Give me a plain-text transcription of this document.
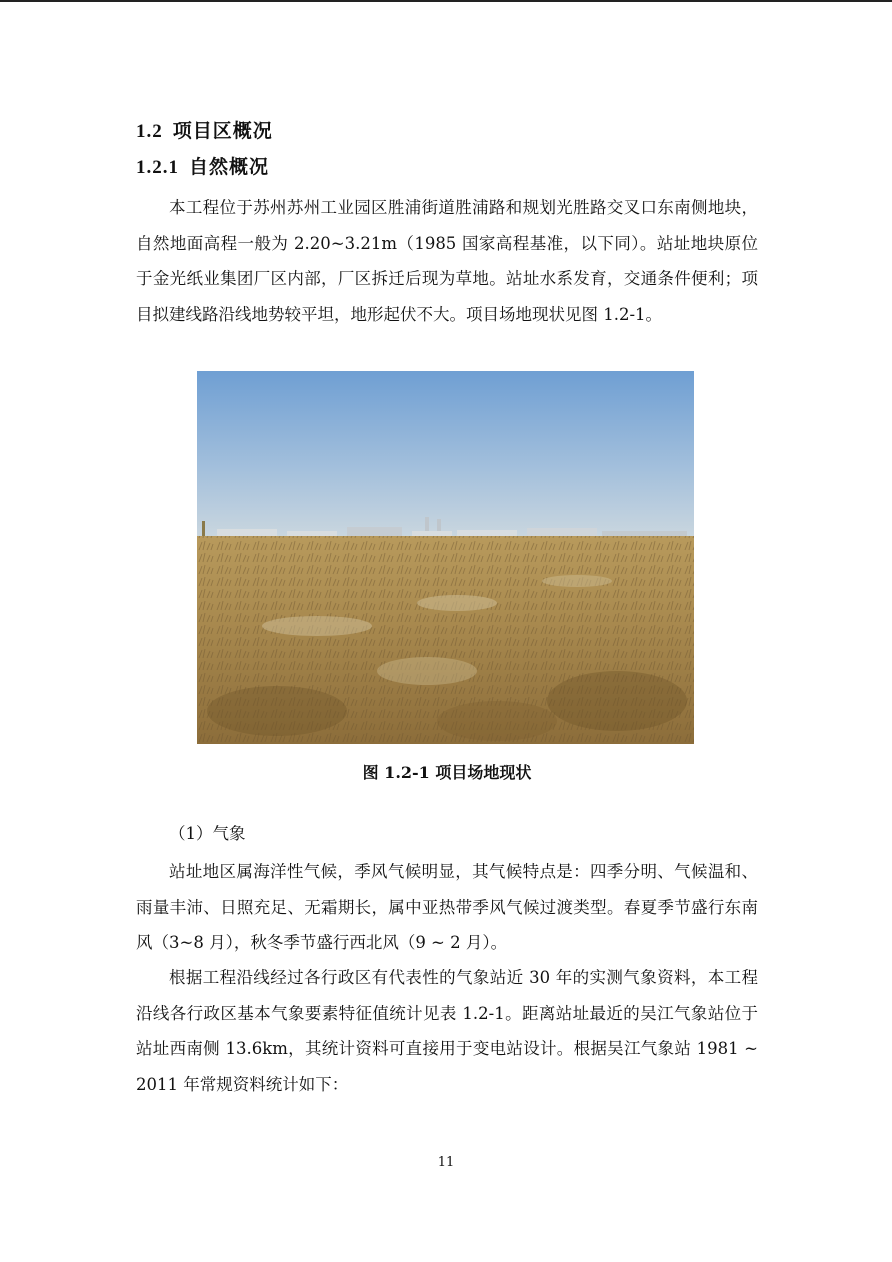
1.2 项目区概况
1.2.1 自然概况

本工程位于苏州苏州工业园区胜浦街道胜浦路和规划光胜路交叉口东南侧地块，自然地面高程一般为 2.20~3.21m（1985 国家高程基准，以下同）。站址地块原位于金光纸业集团厂区内部，厂区拆迁后现为草地。站址水系发育，交通条件便利；项目拟建线路沿线地势较平坦，地形起伏不大。项目场地现状见图 1.2-1。

图 1.2-1 项目场地现状
（1）气象

站址地区属海洋性气候，季风气候明显，其气候特点是：四季分明、气候温和、雨量丰沛、日照充足、无霜期长，属中亚热带季风气候过渡类型。春夏季节盛行东南风（3~8 月），秋冬季节盛行西北风（9 ~ 2 月）。

根据工程沿线经过各行政区有代表性的气象站近 30 年的实测气象资料，本工程沿线各行政区基本气象要素特征值统计见表 1.2-1。距离站址最近的吴江气象站位于站址西南侧 13.6km，其统计资料可直接用于变电站设计。根据吴江气象站 1981 ~ 2011 年常规资料统计如下：

11
